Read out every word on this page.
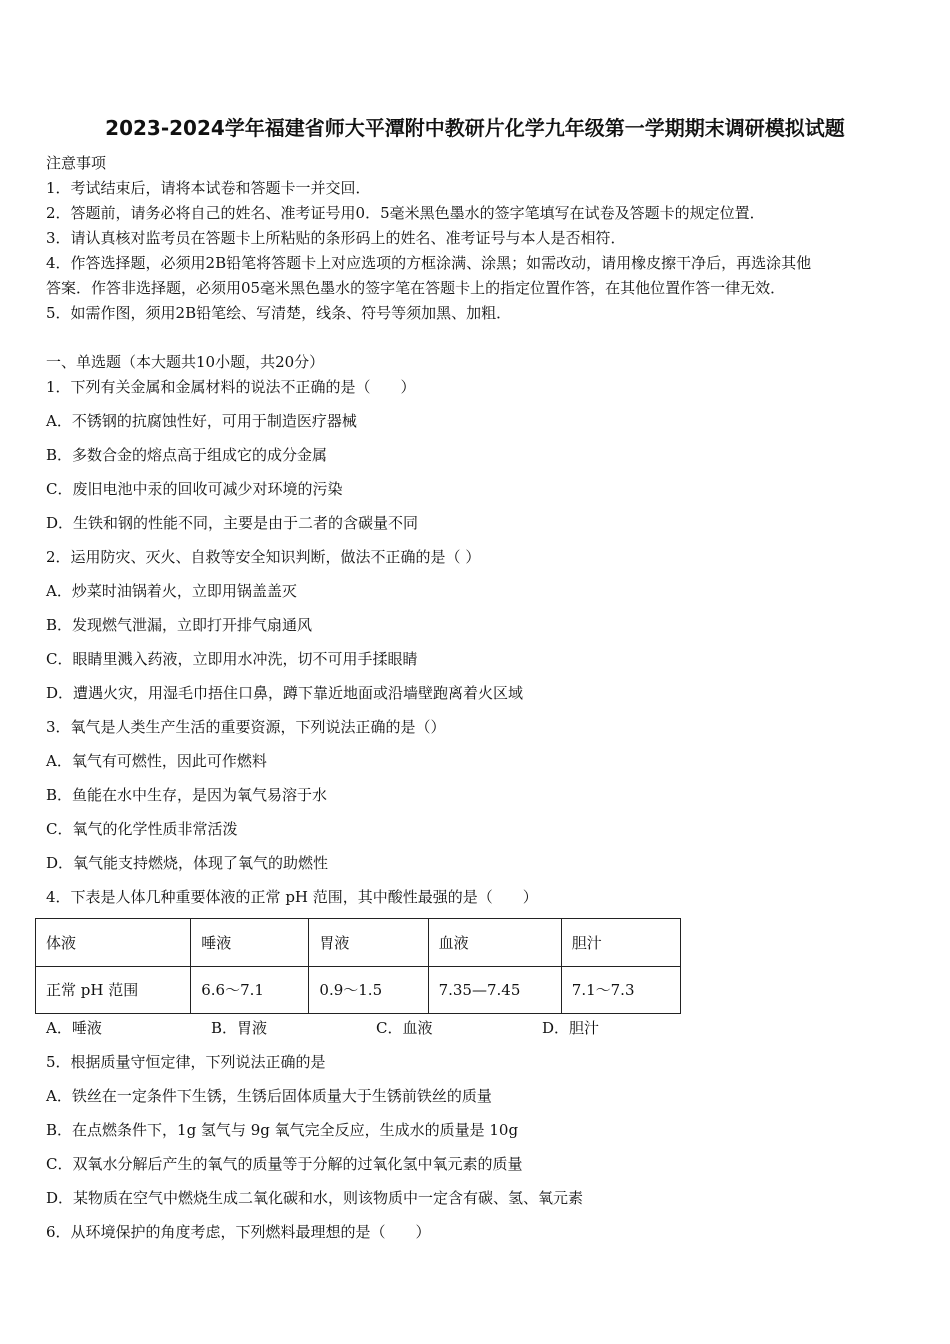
2023-2024学年福建省师大平潭附中教研片化学九年级第一学期期末调研模拟试题
注意事项
1．考试结束后，请将本试卷和答题卡一并交回．
2．答题前，请务必将自己的姓名、准考证号用0．5毫米黑色墨水的签字笔填写在试卷及答题卡的规定位置．
3．请认真核对监考员在答题卡上所粘贴的条形码上的姓名、准考证号与本人是否相符．
4．作答选择题，必须用2B铅笔将答题卡上对应选项的方框涂满、涂黑；如需改动，请用橡皮擦干净后，再选涂其他
答案．作答非选择题，必须用05毫米黑色墨水的签字笔在答题卡上的指定位置作答，在其他位置作答一律无效．
5．如需作图，须用2B铅笔绘、写清楚，线条、符号等须加黑、加粗．
一、单选题（本大题共10小题，共20分）
1．下列有关金属和金属材料的说法不正确的是（　　）
A．不锈钢的抗腐蚀性好，可用于制造医疗器械
B．多数合金的熔点高于组成它的成分金属
C．废旧电池中汞的回收可减少对环境的污染
D．生铁和钢的性能不同，主要是由于二者的含碳量不同
2．运用防灾、灭火、自救等安全知识判断，做法不正确的是（ ）
A．炒菜时油锅着火，立即用锅盖盖灭
B．发现燃气泄漏，立即打开排气扇通风
C．眼睛里溅入药液，立即用水冲洗，切不可用手揉眼睛
D．遭遇火灾，用湿毛巾捂住口鼻，蹲下靠近地面或沿墙壁跑离着火区域
3．氧气是人类生产生活的重要资源，下列说法正确的是（）
A．氧气有可燃性，因此可作燃料
B．鱼能在水中生存，是因为氧气易溶于水
C．氧气的化学性质非常活泼
D．氧气能支持燃烧，体现了氧气的助燃性
4．下表是人体几种重要体液的正常 pH 范围，其中酸性最强的是（　　）
体液	唾液	胃液	血液	胆汁
正常 pH 范围	6.6～7.1	0.9～1.5	7.35—7.45	7.1～7.3
A．唾液	B．胃液	C．血液	D．胆汁
5．根据质量守恒定律，下列说法正确的是
A．铁丝在一定条件下生锈，生锈后固体质量大于生锈前铁丝的质量
B．在点燃条件下，1g 氢气与 9g 氧气完全反应，生成水的质量是 10g
C．双氧水分解后产生的氧气的质量等于分解的过氧化氢中氧元素的质量
D．某物质在空气中燃烧生成二氧化碳和水，则该物质中一定含有碳、氢、氧元素
6．从环境保护的角度考虑，下列燃料最理想的是（　　）
